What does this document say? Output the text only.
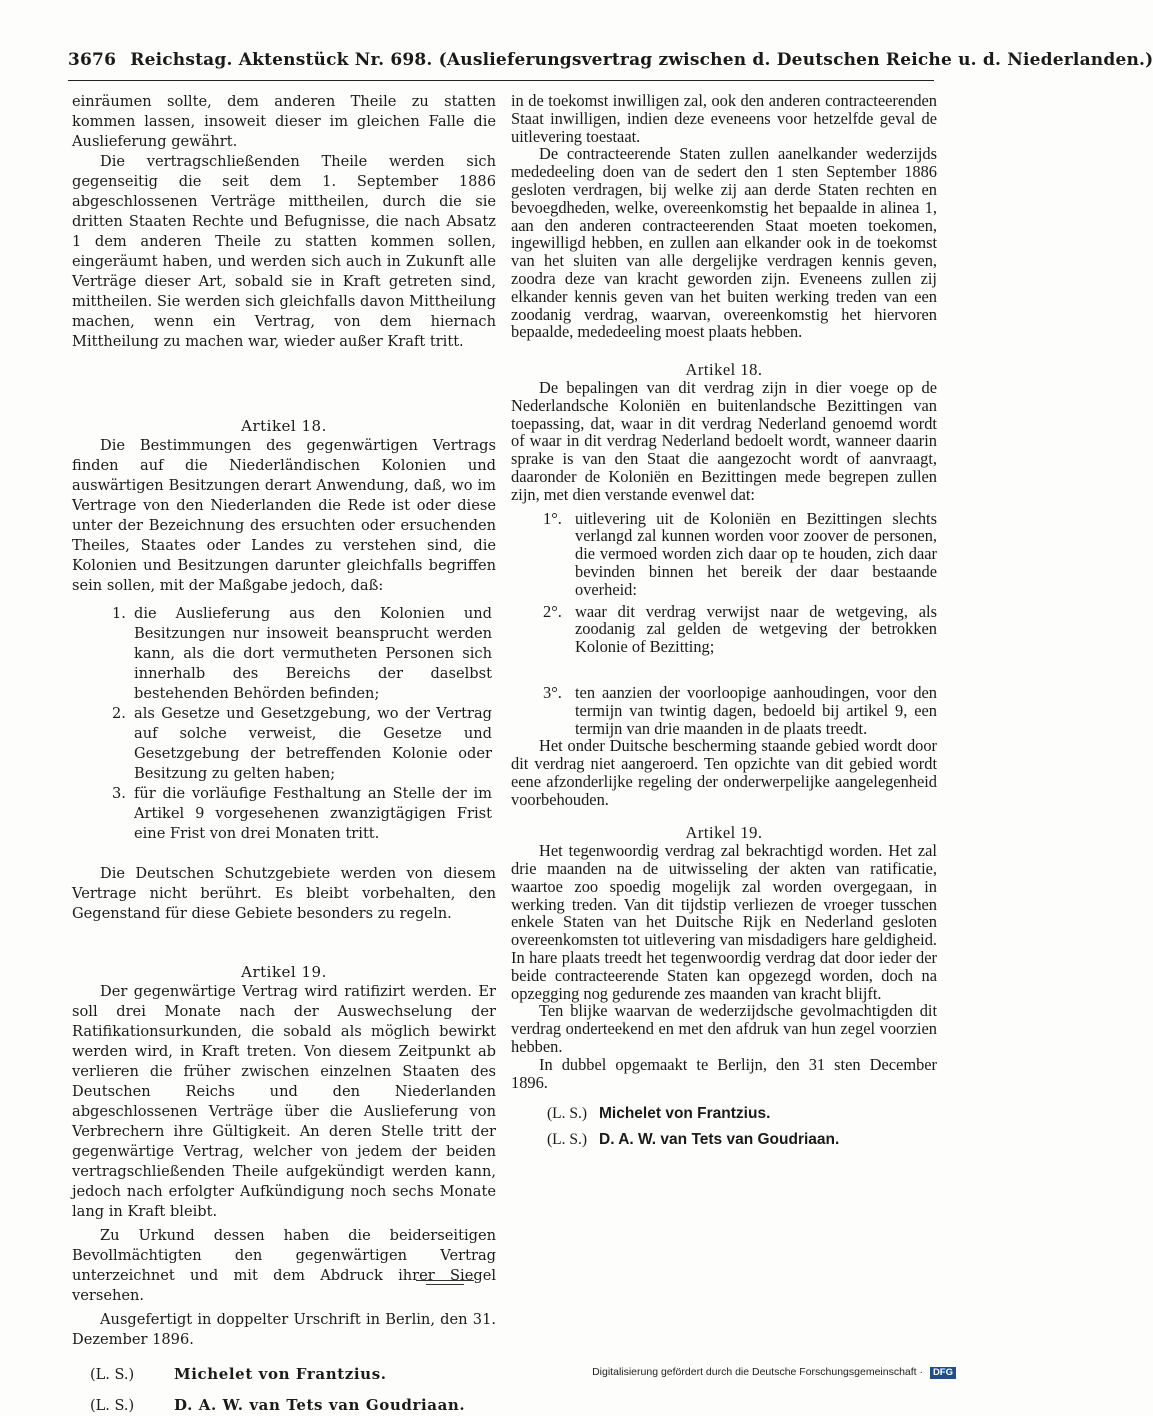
3676 Reichstag. Aktenstück Nr. 698. (Auslieferungsvertrag zwischen d. Deutschen Reiche u. d. Niederlanden.)

einräumen sollte, dem anderen Theile zu statten kommen lassen, insoweit dieser im gleichen Falle die Auslieferung gewährt.

Die vertragschließenden Theile werden sich gegenseitig die seit dem 1. September 1886 abgeschlossenen Verträge mittheilen, durch die sie dritten Staaten Rechte und Befugnisse, die nach Absatz 1 dem anderen Theile zu statten kommen sollen, eingeräumt haben, und werden sich auch in Zukunft alle Verträge dieser Art, sobald sie in Kraft getreten sind, mittheilen. Sie werden sich gleichfalls davon Mittheilung machen, wenn ein Vertrag, von dem hiernach Mittheilung zu machen war, wieder außer Kraft tritt.

Artikel 18.

Die Bestimmungen des gegenwärtigen Vertrags finden auf die Niederländischen Kolonien und auswärtigen Besitzungen derart Anwendung, daß, wo im Vertrage von den Niederlanden die Rede ist oder diese unter der Bezeichnung des ersuchten oder ersuchenden Theiles, Staates oder Landes zu verstehen sind, die Kolonien und Besitzungen darunter gleichfalls begriffen sein sollen, mit der Maßgabe jedoch, daß:

1. die Auslieferung aus den Kolonien und Besitzungen nur insoweit beansprucht werden kann, als die dort vermutheten Personen sich innerhalb des Bereichs der daselbst bestehenden Behörden befinden;
2. als Gesetze und Gesetzgebung, wo der Vertrag auf solche verweist, die Gesetze und Gesetzgebung der betreffenden Kolonie oder Besitzung zu gelten haben;
3. für die vorläufige Festhaltung an Stelle der im Artikel 9 vorgesehenen zwanzigtägigen Frist eine Frist von drei Monaten tritt.

Die Deutschen Schutzgebiete werden von diesem Vertrage nicht berührt. Es bleibt vorbehalten, den Gegenstand für diese Gebiete besonders zu regeln.

Artikel 19.

Der gegenwärtige Vertrag wird ratifizirt werden. Er soll drei Monate nach der Auswechselung der Ratifikationsurkunden, die sobald als möglich bewirkt werden wird, in Kraft treten. Von diesem Zeitpunkt ab verlieren die früher zwischen einzelnen Staaten des Deutschen Reichs und den Niederlanden abgeschlossenen Verträge über die Auslieferung von Verbrechern ihre Gültigkeit. An deren Stelle tritt der gegenwärtige Vertrag, welcher von jedem der beiden vertragschließenden Theile aufgekündigt werden kann, jedoch nach erfolgter Aufkündigung noch sechs Monate lang in Kraft bleibt.

Zu Urkund dessen haben die beiderseitigen Bevollmächtigten den gegenwärtigen Vertrag unterzeichnet und mit dem Abdruck ihrer Siegel versehen.

Ausgefertigt in doppelter Urschrift in Berlin, den 31. Dezember 1896.

(L. S.)	Michelet von Frantzius.
(L. S.)	D. A. W. van Tets van Goudriaan.

in de toekomst inwilligen zal, ook den anderen contracteerenden Staat inwilligen, indien deze eveneens voor hetzelfde geval de uitlevering toestaat.

De contracteerende Staten zullen aanelkander wederzijds mededeeling doen van de sedert den 1 sten September 1886 gesloten verdragen, bij welke zij aan derde Staten rechten en bevoegdheden, welke, overeenkomstig het bepaalde in alinea 1, aan den anderen contracteerenden Staat moeten toekomen, ingewilligd hebben, en zullen aan elkander ook in de toekomst van het sluiten van alle dergelijke verdragen kennis geven, zoodra deze van kracht geworden zijn. Eveneens zullen zij elkander kennis geven van het buiten werking treden van een zoodanig verdrag, waarvan, overeenkomstig het hiervoren bepaalde, mededeeling moest plaats hebben.

Artikel 18.

De bepalingen van dit verdrag zijn in dier voege op de Nederlandsche Koloniën en buitenlandsche Bezittingen van toepassing, dat, waar in dit verdrag Nederland genoemd wordt of waar in dit verdrag Nederland bedoelt wordt, wanneer daarin sprake is van den Staat die aangezocht wordt of aanvraagt, daaronder de Koloniën en Bezittingen mede begrepen zullen zijn, met dien verstande evenwel dat:

1°. uitlevering uit de Koloniën en Bezittingen slechts verlangd zal kunnen worden voor zoover de personen, die vermoed worden zich daar op te houden, zich daar bevinden binnen het bereik der daar bestaande overheid:
2°. waar dit verdrag verwijst naar de wetgeving, als zoodanig zal gelden de wetgeving der betrokken Kolonie of Bezitting;
3°. ten aanzien der voorloopige aanhoudingen, voor den termijn van twintig dagen, bedoeld bij artikel 9, een termijn van drie maanden in de plaats treedt.

Het onder Duitsche bescherming staande gebied wordt door dit verdrag niet aangeroerd. Ten opzichte van dit gebied wordt eene afzonderlijke regeling der onderwerpelijke aangelegenheid voorbehouden.

Artikel 19.

Het tegenwoordig verdrag zal bekrachtigd worden. Het zal drie maanden na de uitwisseling der akten van ratificatie, waartoe zoo spoedig mogelijk zal worden overgegaan, in werking treden. Van dit tijdstip verliezen de vroeger tusschen enkele Staten van het Duitsche Rijk en Nederland gesloten overeenkomsten tot uitlevering van misdadigers hare geldigheid. In hare plaats treedt het tegenwoordig verdrag dat door ieder der beide contracteerende Staten kan opgezegd worden, doch na opzegging nog gedurende zes maanden van kracht blijft.

Ten blijke waarvan de wederzijdsche gevolmachtigden dit verdrag onderteekend en met den afdruk van hun zegel voorzien hebben.

In dubbel opgemaakt te Berlijn, den 31 sten December 1896.

(L. S.) Michelet von Frantzius.
(L. S.) D. A. W. van Tets van Goudriaan.
Digitalisierung gefördert durch die Deutsche Forschungsgemeinschaft · DFG
